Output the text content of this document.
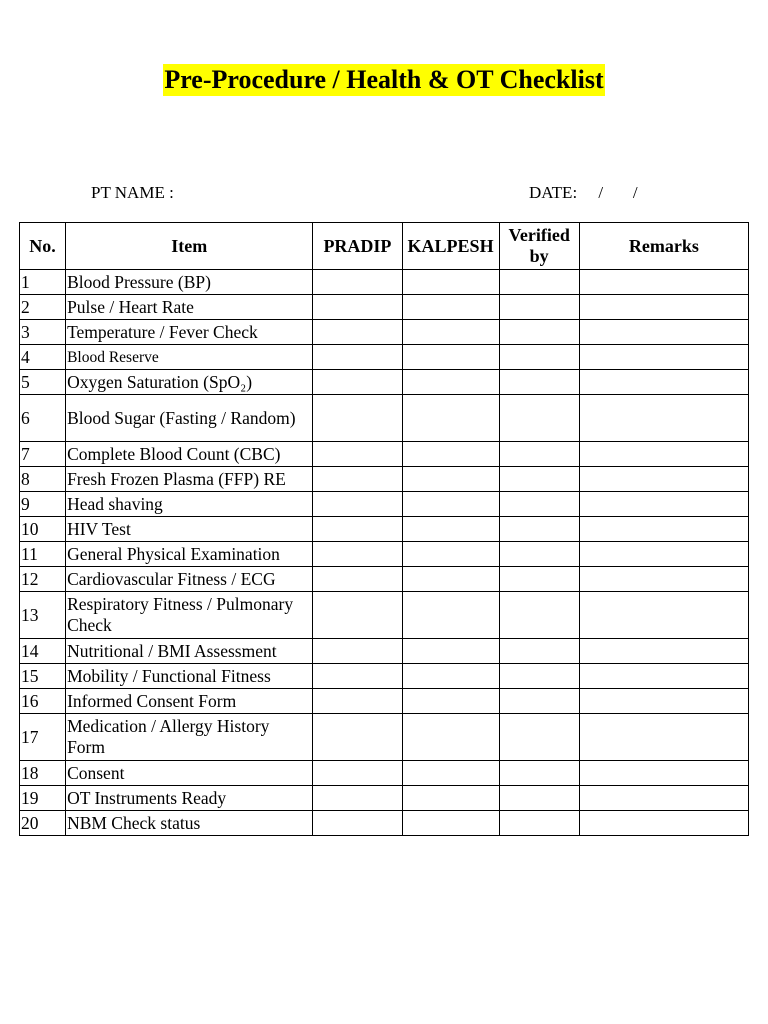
Pre-Procedure / Health & OT Checklist
PT NAME :	DATE:     /       /
No.	Item	PRADIP	KALPESH	Verified by	Remarks
1	Blood Pressure (BP)				
2	Pulse / Heart Rate				
3	Temperature / Fever Check				
4	Blood Reserve				
5	Oxygen Saturation (SpO₂)				
6	Blood Sugar (Fasting / Random)				
7	Complete Blood Count (CBC)				
8	Fresh Frozen Plasma (FFP) RE				
9	Head shaving				
10	HIV Test				
11	General Physical Examination				
12	Cardiovascular Fitness / ECG				
13	Respiratory Fitness / Pulmonary Check				
14	Nutritional / BMI Assessment				
15	Mobility / Functional Fitness				
16	Informed Consent Form				
17	Medication / Allergy History Form				
18	Consent				
19	OT Instruments Ready				
20	NBM Check status				
